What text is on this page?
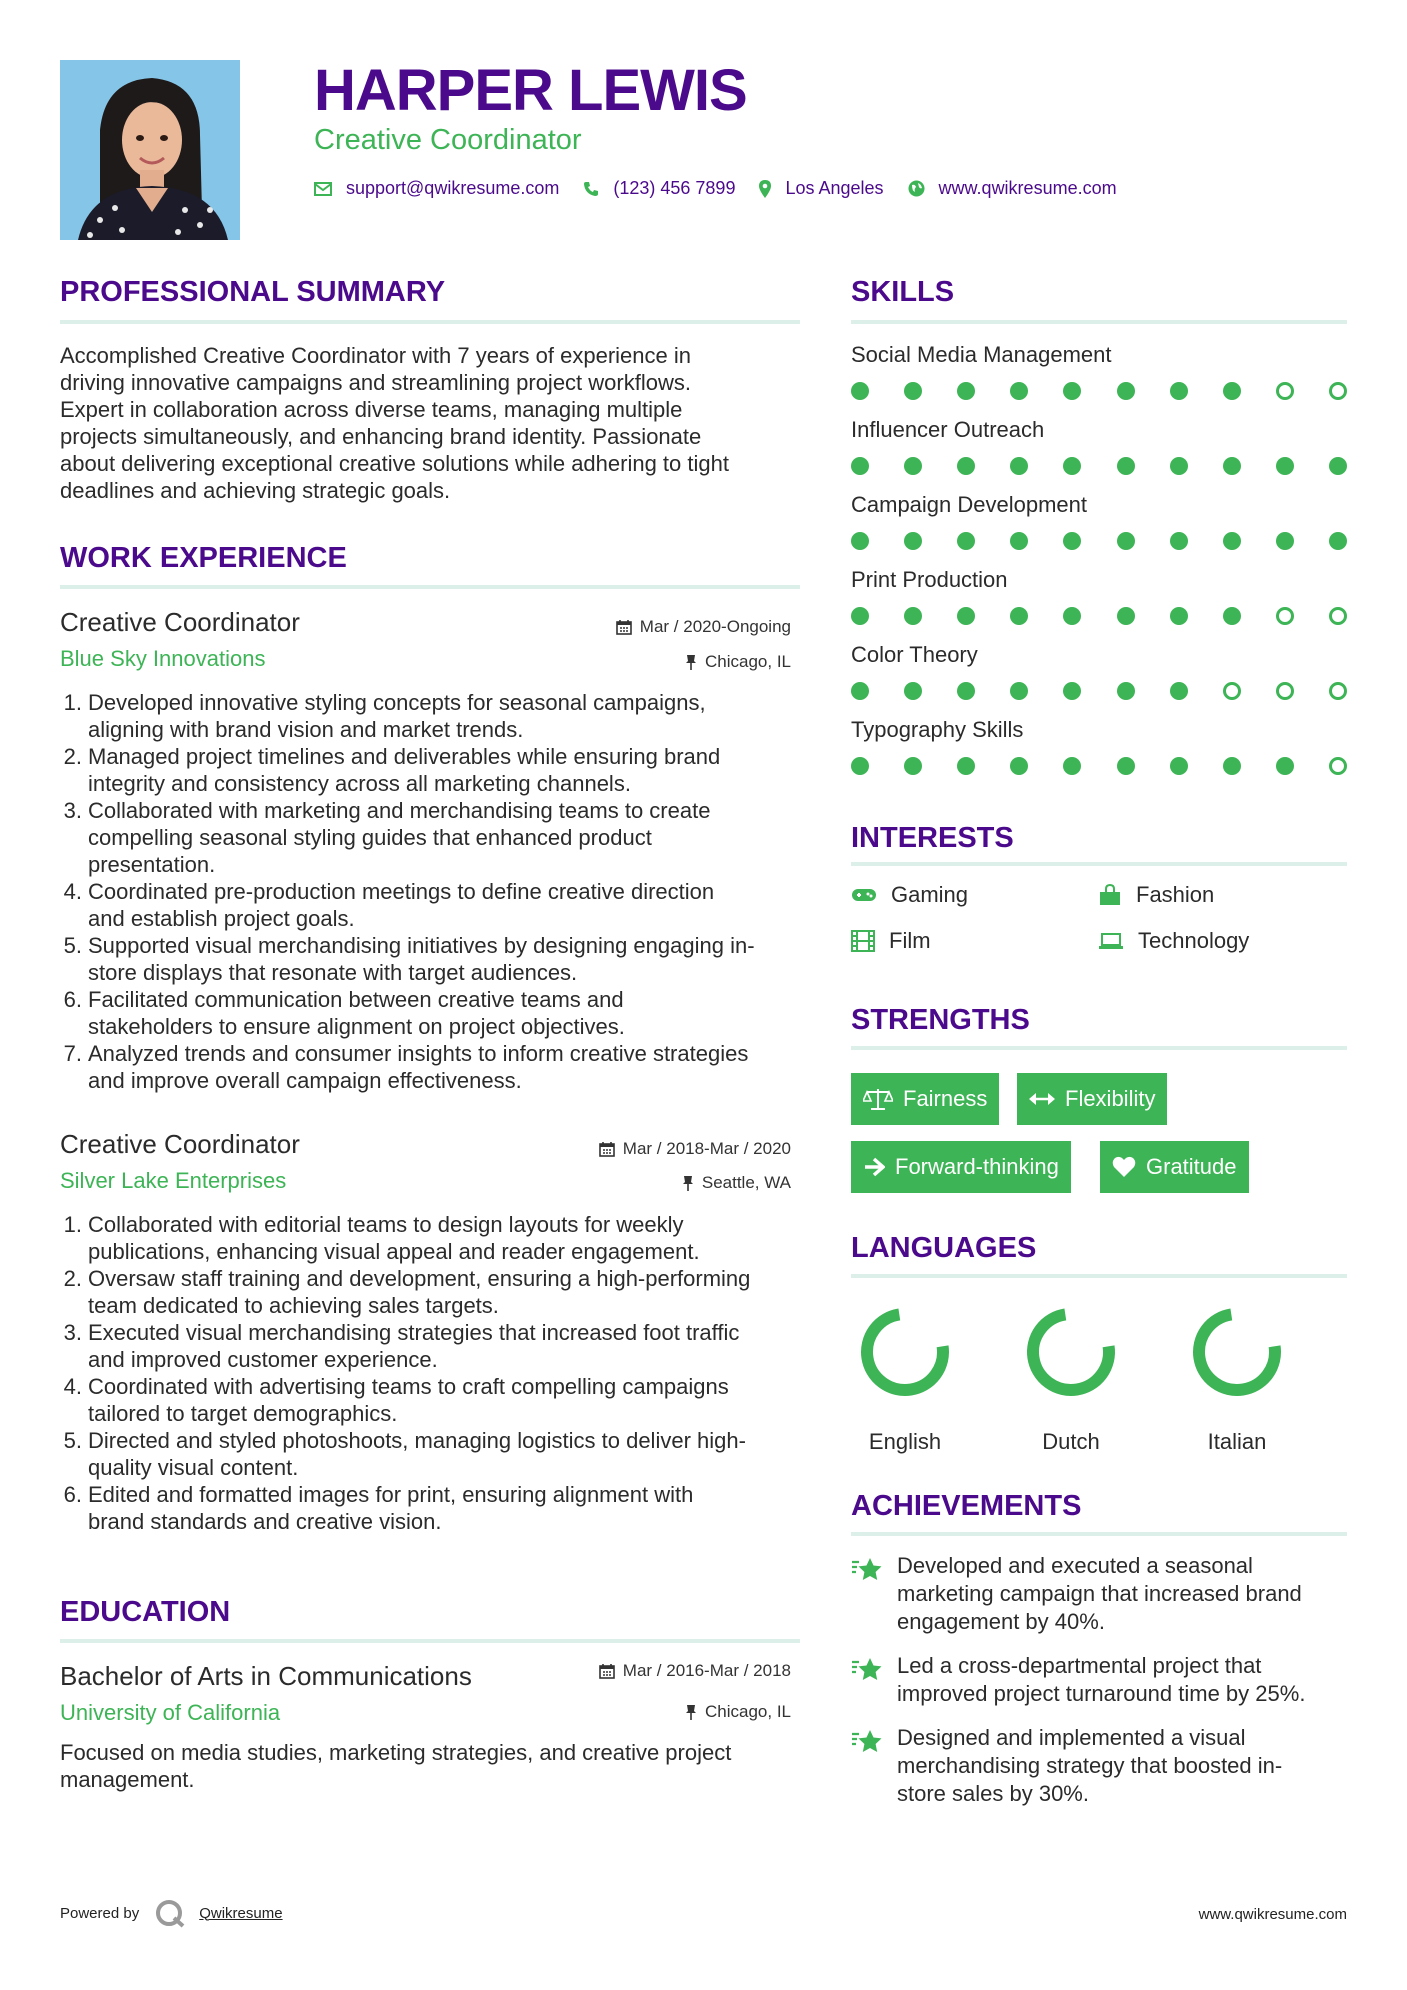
HARPER LEWIS
Creative Coordinator
support@qwikresume.com	(123) 456 7899	Los Angeles	www.qwikresume.com
PROFESSIONAL SUMMARY
Accomplished Creative Coordinator with 7 years of experience in
driving innovative campaigns and streamlining project workflows.
Expert in collaboration across diverse teams, managing multiple
projects simultaneously, and enhancing brand identity. Passionate
about delivering exceptional creative solutions while adhering to tight
deadlines and achieving strategic goals.
WORK EXPERIENCE
Creative Coordinator	Mar / 2020-Ongoing
Blue Sky Innovations	Chicago, IL
1. Developed innovative styling concepts for seasonal campaigns,
aligning with brand vision and market trends.
2. Managed project timelines and deliverables while ensuring brand
integrity and consistency across all marketing channels.
3. Collaborated with marketing and merchandising teams to create
compelling seasonal styling guides that enhanced product
presentation.
4. Coordinated pre-production meetings to define creative direction
and establish project goals.
5. Supported visual merchandising initiatives by designing engaging in-
store displays that resonate with target audiences.
6. Facilitated communication between creative teams and
stakeholders to ensure alignment on project objectives.
7. Analyzed trends and consumer insights to inform creative strategies
and improve overall campaign effectiveness.
Creative Coordinator	Mar / 2018-Mar / 2020
Silver Lake Enterprises	Seattle, WA
1. Collaborated with editorial teams to design layouts for weekly
publications, enhancing visual appeal and reader engagement.
2. Oversaw staff training and development, ensuring a high-performing
team dedicated to achieving sales targets.
3. Executed visual merchandising strategies that increased foot traffic
and improved customer experience.
4. Coordinated with advertising teams to craft compelling campaigns
tailored to target demographics.
5. Directed and styled photoshoots, managing logistics to deliver high-
quality visual content.
6. Edited and formatted images for print, ensuring alignment with
brand standards and creative vision.
EDUCATION
Bachelor of Arts in Communications	Mar / 2016-Mar / 2018
University of California	Chicago, IL
Focused on media studies, marketing strategies, and creative project
management.
SKILLS
Social Media Management
Influencer Outreach
Campaign Development
Print Production
Color Theory
Typography Skills
INTERESTS
Gaming	Fashion
Film	Technology
STRENGTHS
Fairness	Flexibility
Forward-thinking	Gratitude
LANGUAGES
English	Dutch	Italian
ACHIEVEMENTS
Developed and executed a seasonal
marketing campaign that increased brand
engagement by 40%.
Led a cross-departmental project that
improved project turnaround time by 25%.
Designed and implemented a visual
merchandising strategy that boosted in-
store sales by 30%.
Powered by	Qwikresume	www.qwikresume.com
